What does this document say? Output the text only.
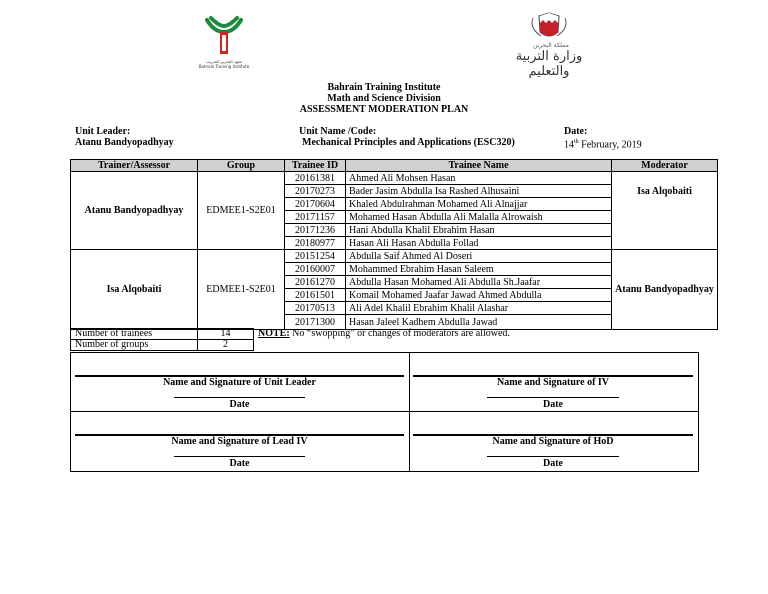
معهد البحرين للتدريب
Bahrain Training Institute
مملكة البحرين
وزارة التربية والتعليم
Bahrain Training Institute
Math and Science Division
ASSESSMENT MODERATION PLAN
Unit Leader:
Atanu Bandyopadhyay
Unit Name /Code:
Mechanical Principles and Applications (ESC320)
Date:
14th February, 2019
Trainer/Assessor	Group	Trainee ID	Trainee Name	Moderator
Atanu Bandyopadhyay	EDMEE1-S2E01	20161381	Ahmed Ali Mohsen Hasan	Isa Alqobaiti
		20170273	Bader Jasim Abdulla Isa Rashed Alhusaini	
		20170604	Khaled Abdulrahman Mohamed Ali Alnajjar	
		20171157	Mohamed Hasan Abdulla Ali Malalla Alrowaish	
		20171236	Hani Abdulla Khalil Ebrahim Hasan	
		20180977	Hasan Ali Hasan Abdulla Follad	
Isa Alqobaiti	EDMEE1-S2E01	20151254	Abdulla Saif Ahmed Al Doseri	Atanu Bandyopadhyay
		20160007	Mohammed Ebrahim Hasan Saleem	
		20161270	Abdulla Hasan Mohamed Ali Abdulla Sh.Jaafar	
		20161501	Komail Mohamed Jaafar Jawad Ahmed Abdulla	
		20170513	Ali Adel Khalil Ebrahim Khalil Alashar	
		20171300	Hasan Jaleel Kadhem Abdulla Jawad	
Number of trainees	14
Number of groups	2
NOTE: No “swopping” or changes of moderators are allowed.
Name and Signature of Unit Leader	Name and Signature of IV
Name and Signature of Lead IV	Name and Signature of HoD
Date	Date
Date	Date
